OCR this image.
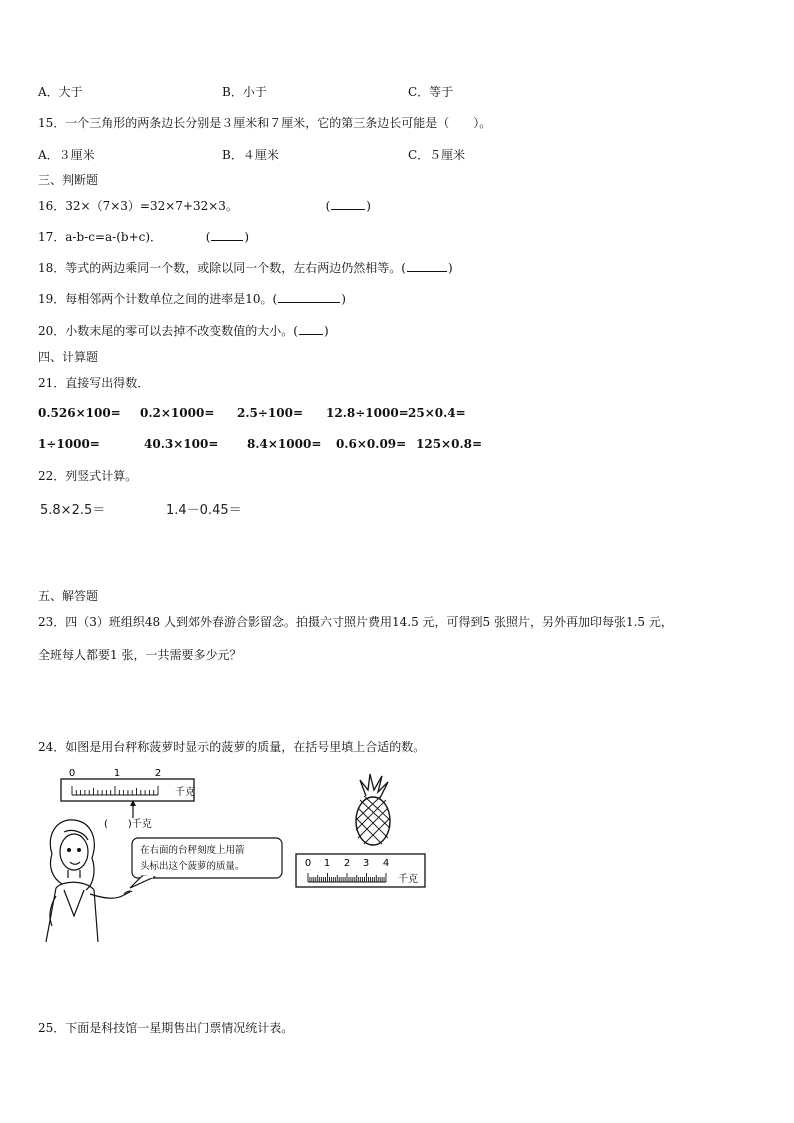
A．大于	B．小于	C．等于
15．一个三角形的两条边长分别是３厘米和７厘米，它的第三条边长可能是（　　）。
A．３厘米	B．４厘米	C．５厘米
三、判断题
16．32×（7×3）=32×7+32×3。	(	)
17．a-b-c=a-(b+c)．	(	)
18．等式的两边乘同一个数，或除以同一个数，左右两边仍然相等。(	)
19．每相邻两个计数单位之间的进率是10。(	)
20．小数末尾的零可以去掉不改变数值的大小。( )
四、计算题
21．直接写出得数．
0.526×100= 0.2×1000= 2.5÷100= 12.8÷1000= 25×0.4=
1÷1000=	40.3×100= 8.4×1000= 0.6×0.09= 125×0.8=
22．列竖式计算。
5.8×2.5＝	1.4－0.45＝
五、解答题
23．四（3）班组织48 人到郊外春游合影留念。拍摄六寸照片费用14.5 元，可得到5 张照片，另外再加印每张1.5 元，
全班每人都要1 张，一共需要多少元？
24．如图是用台秤称菠萝时显示的菠萝的质量，在括号里填上合适的数。
0	1	2
千克
(　　)千克
在右面的台秤刻度上用箭
头标出这个菠萝的质量。	0 1 2 3 4
千克
25．下面是科技馆一星期售出门票情况统计表。
